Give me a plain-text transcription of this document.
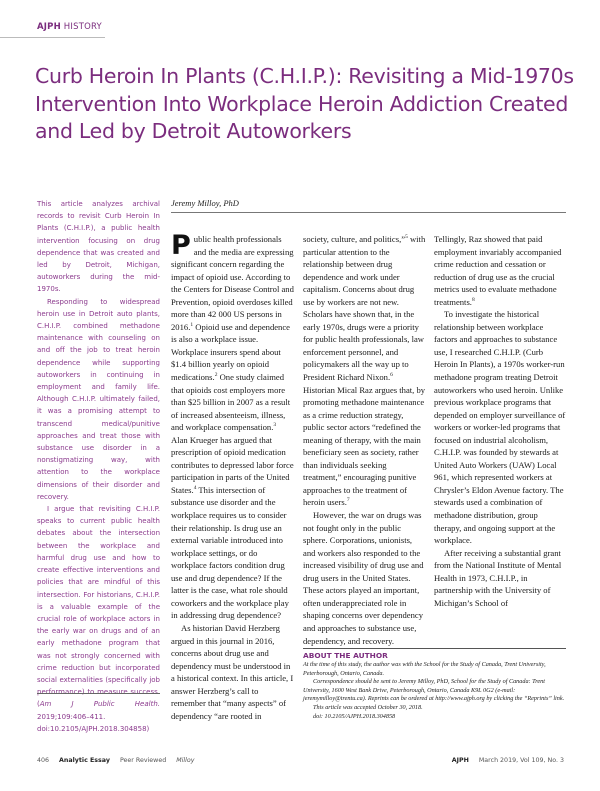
AJPH HISTORY
Curb Heroin In Plants (C.H.I.P.): Revisiting a Mid-1970s Intervention Into Workplace Heroin Addiction Created and Led by Detroit Autoworkers

This article analyzes archival records to revisit Curb Heroin In Plants (C.H.I.P.), a public health intervention focusing on drug dependence that was created and led by Detroit, Michigan, autoworkers during the mid-1970s.

Responding to widespread heroin use in Detroit auto plants, C.H.I.P. combined methadone maintenance with counseling on and off the job to treat heroin dependence while supporting autoworkers in continuing in employment and family life. Although C.H.I.P. ultimately failed, it was a promising attempt to transcend medical/punitive approaches and treat those with substance use disorder in a nonstigmatizing way, with attention to the workplace dimensions of their disorder and recovery.

I argue that revisiting C.H.I.P. speaks to current public health debates about the intersection between the workplace and harmful drug use and how to create effective interventions and policies that are mindful of this intersection. For historians, C.H.I.P. is a valuable example of the crucial role of workplace actors in the early war on drugs and of an early methadone program that was not strongly concerned with crime reduction but incorporated social externalities (specifically job (Am J Public Health. 2019;109:406–411. doi:10.2105/AJPH.2018.304858)

Jeremy Milloy, PhD

Public health professionals and the media are expressing significant concern regarding the impact of opioid use. According to the Centers for Disease Control and Prevention, opioid overdoses killed more than 42 000 US persons in 2016.$^1$ Opioid use and dependence is also a workplace issue. Workplace insurers spend about $1.4 billion yearly on opioid medications.$^2$ One study claimed that opioids cost employers more than $25 billion in 2007 as a result of increased absenteeism, illness, and workplace compensation.$^3$ Alan Krueger has argued that prescription of opioid medication contributes to depressed labor force participation in parts of the United States.$^4$ This intersection of substance use disorder and the workplace requires us to consider their relationship. Is drug use an external variable introduced into workplace settings, or do workplace factors condition drug use and drug dependence? If the latter is the case, what role should coworkers and the workplace play in addressing drug dependence?

As historian David Herzberg argued in this journal in 2016, concerns about drug use and dependency must be understood in a historical context. In this article, I answer Herzberg’s call to remember that “many aspects” of dependency “are rooted in

society, culture, and politics,”$^5$ with particular attention to the relationship between drug dependence and work under capitalism. Concerns about drug use by workers are not new. Scholars have shown that, in the early 1970s, drugs were a priority for public health professionals, law enforcement personnel, and policymakers all the way up to President Richard Nixon.$^6$ Historian Mical Raz argues that, by promoting methadone maintenance as a crime reduction strategy, public sector actors “redefined the meaning of therapy, with the main beneficiary seen as society, rather than individuals seeking treatment,” encouraging punitive approaches to the treatment of heroin users.$^7$

However, the war on drugs was not fought only in the public sphere. Corporations, unionists, and workers also responded to the increased visibility of drug use and drug users in the United States. These actors played an important, often underappreciated role in shaping concerns over dependency and approaches to substance use, dependency, and recovery.

Tellingly, Raz showed that paid employment invariably accompanied crime reduction and cessation or reduction of drug use as the crucial metrics used to evaluate methadone treatments.$^8$

To investigate the historical relationship between workplace factors and approaches to substance use, I researched C.H.I.P. (Curb Heroin In Plants), a 1970s worker-run methadone program treating Detroit autoworkers who used heroin. Unlike previous workplace programs that depended on employer surveillance of workers or worker-led programs that focused on industrial alcoholism, C.H.I.P. was founded by stewards at United Auto Workers (UAW) Local 961, which represented workers at Chrysler’s Eldon Avenue factory. The stewards used a combination of methadone distribution, group therapy, and ongoing support at the workplace.

After receiving a substantial grant from the National Institute of Mental Health in 1973, C.H.I.P., in partnership with the University of Michigan’s School of

ABOUT THE AUTHOR

At the time of this study, the author was with the School for the Study of Canada, Trent University, Peterborough, Ontario, Canada.

Correspondence should be sent to Jeremy Milloy, PhD, School for the Study of Canada: Trent University, 1600 West Bank Drive, Peterborough, Ontario, Canada K9L 0G2 (e-mail: jeremymilloy@trentu.ca). Reprints can be ordered at http://www.ajph.org by clicking the “Reprints” link.

This article was accepted October 30, 2018.

doi: 10.2105/AJPH.2018.304858

406 Analytic Essay Peer Reviewed Milloy	AJPH March 2019, Vol 109, No. 3
